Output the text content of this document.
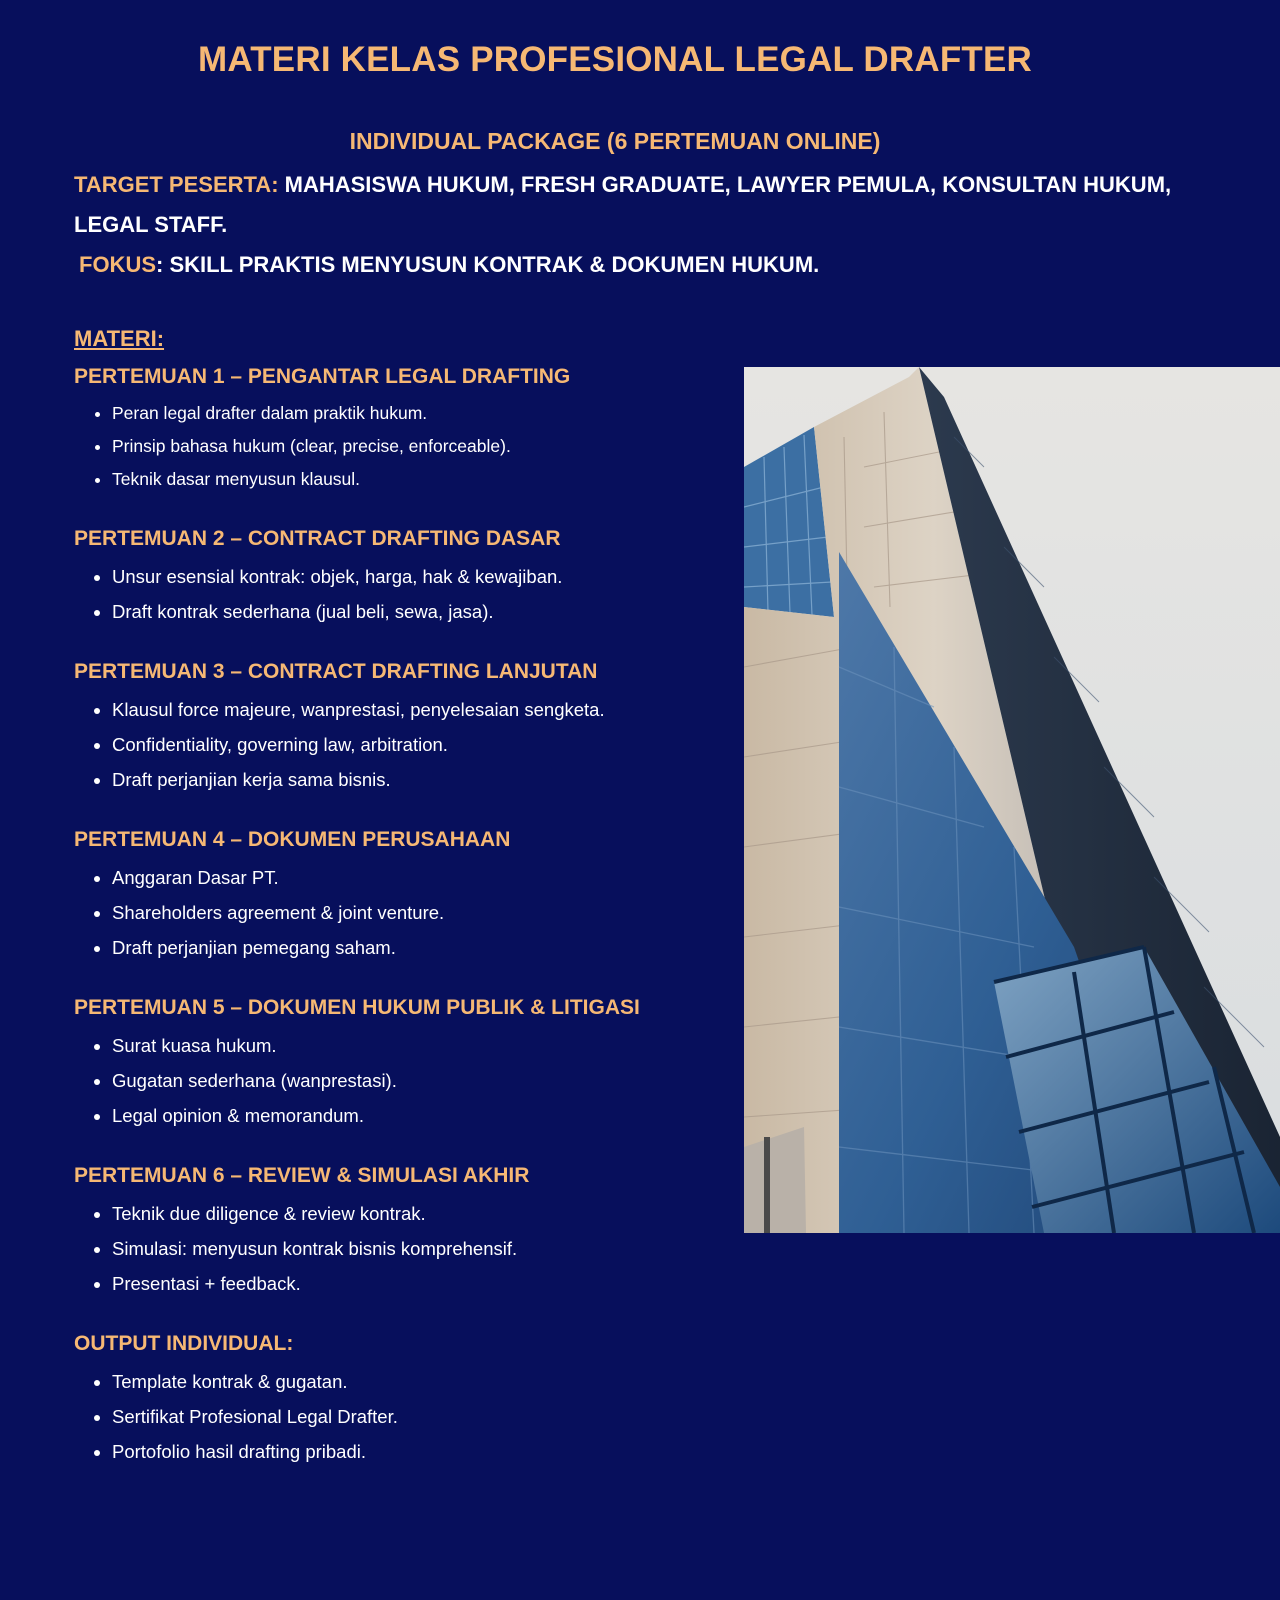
MATERI KELAS PROFESIONAL LEGAL DRAFTER
INDIVIDUAL PACKAGE (6 PERTEMUAN ONLINE)

TARGET PESERTA: MAHASISWA HUKUM, FRESH GRADUATE, LAWYER PEMULA, KONSULTAN HUKUM, LEGAL STAFF.

FOKUS: SKILL PRAKTIS MENYUSUN KONTRAK & DOKUMEN HUKUM.

MATERI:

PERTEMUAN 1 – PENGANTAR LEGAL DRAFTING

• Peran legal drafter dalam praktik hukum.
• Prinsip bahasa hukum (clear, precise, enforceable).
• Teknik dasar menyusun klausul.

PERTEMUAN 2 – CONTRACT DRAFTING DASAR

• Unsur esensial kontrak: objek, harga, hak & kewajiban.
• Draft kontrak sederhana (jual beli, sewa, jasa).

PERTEMUAN 3 – CONTRACT DRAFTING LANJUTAN

• Klausul force majeure, wanprestasi, penyelesaian sengketa.
• Confidentiality, governing law, arbitration.
• Draft perjanjian kerja sama bisnis.

PERTEMUAN 4 – DOKUMEN PERUSAHAAN

• Anggaran Dasar PT.
• Shareholders agreement & joint venture.
• Draft perjanjian pemegang saham.

PERTEMUAN 5 – DOKUMEN HUKUM PUBLIK & LITIGASI

• Surat kuasa hukum.
• Gugatan sederhana (wanprestasi).
• Legal opinion & memorandum.

PERTEMUAN 6 – REVIEW & SIMULASI AKHIR

• Teknik due diligence & review kontrak.
• Simulasi: menyusun kontrak bisnis komprehensif.
• Presentasi + feedback.

OUTPUT INDIVIDUAL:

• Template kontrak & gugatan.
• Sertifikat Profesional Legal Drafter.
• Portofolio hasil drafting pribadi.
